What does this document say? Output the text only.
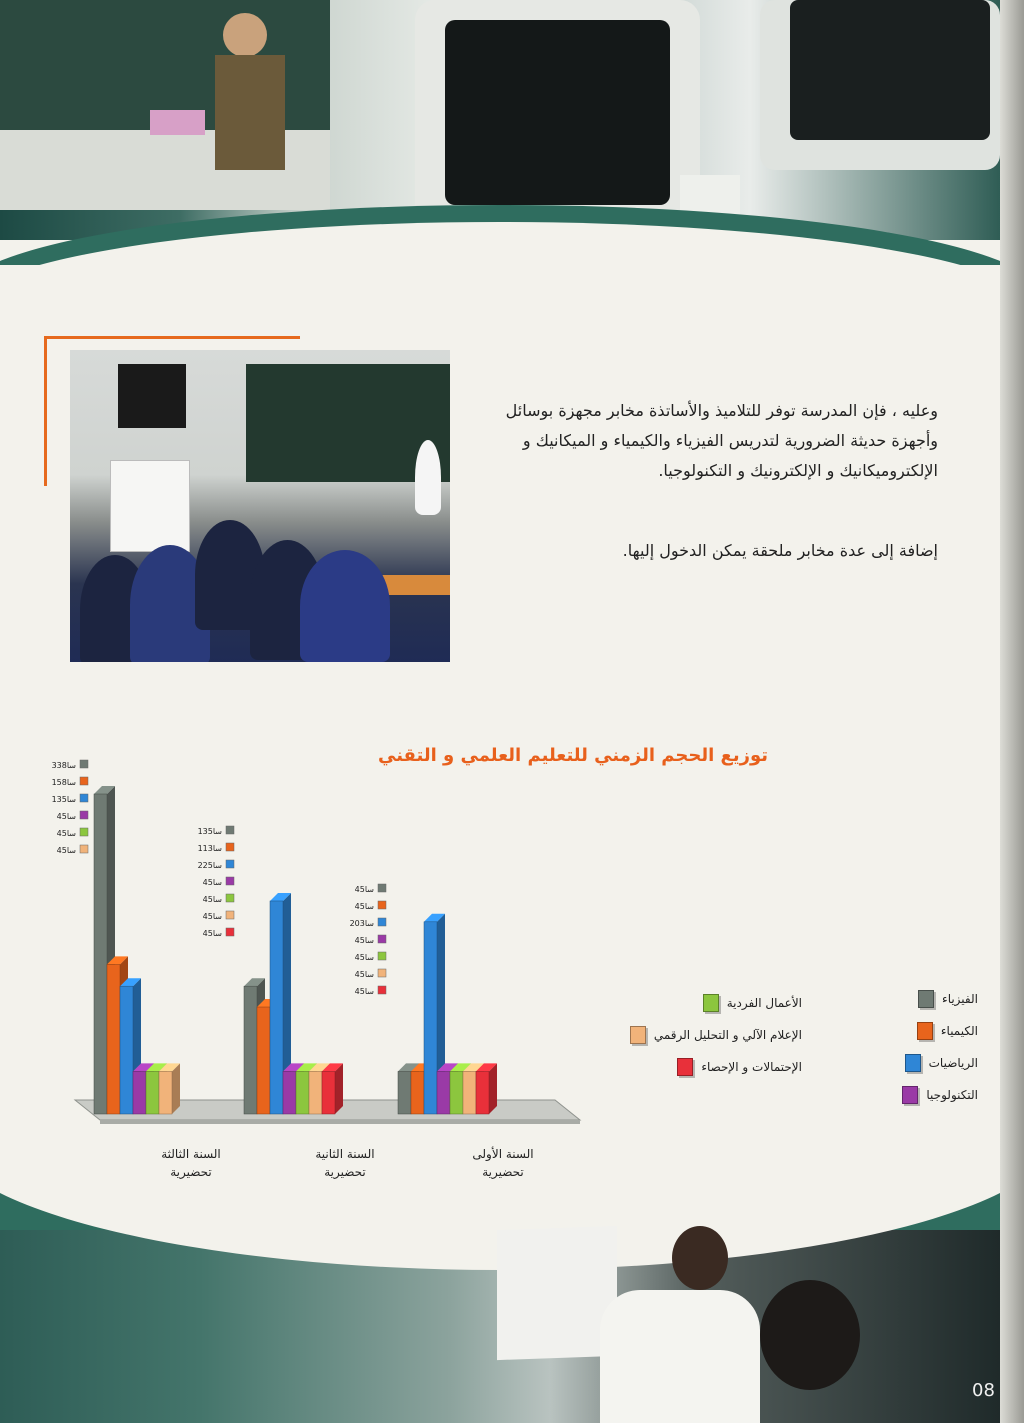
وعليه ، فإن المدرسة توفر للتلاميذ والأساتذة مخابر مجهزة بوسائل وأجهزة حديثة الضرورية لتدريس الفيزياء والكيمياء و الميكانيك و الإلكتروميكانيك و الإلكترونيك و التكنولوجيا.

إضافة إلى عدة مخابر ملحقة يمكن الدخول إليها.

توزيع الحجم الزمني للتعليم العلمي و التقني
338سا
158سا
135سا
45سا
45سا
45سا
135سا
113سا
225سا
45سا
45سا
45سا
45سا
45سا
45سا
203سا
45سا
45سا
45سا
45سا
السنة الثالثة
تحضيرية
السنة الثانية
تحضيرية
السنة الأولى
تحضيرية
الفيزياء
الكيمياء
الرياضيات
التكنولوجيا
الأعمال الفردية
الإعلام الآلي و التحليل الرقمي
الإحتمالات و الإحصاء
08
